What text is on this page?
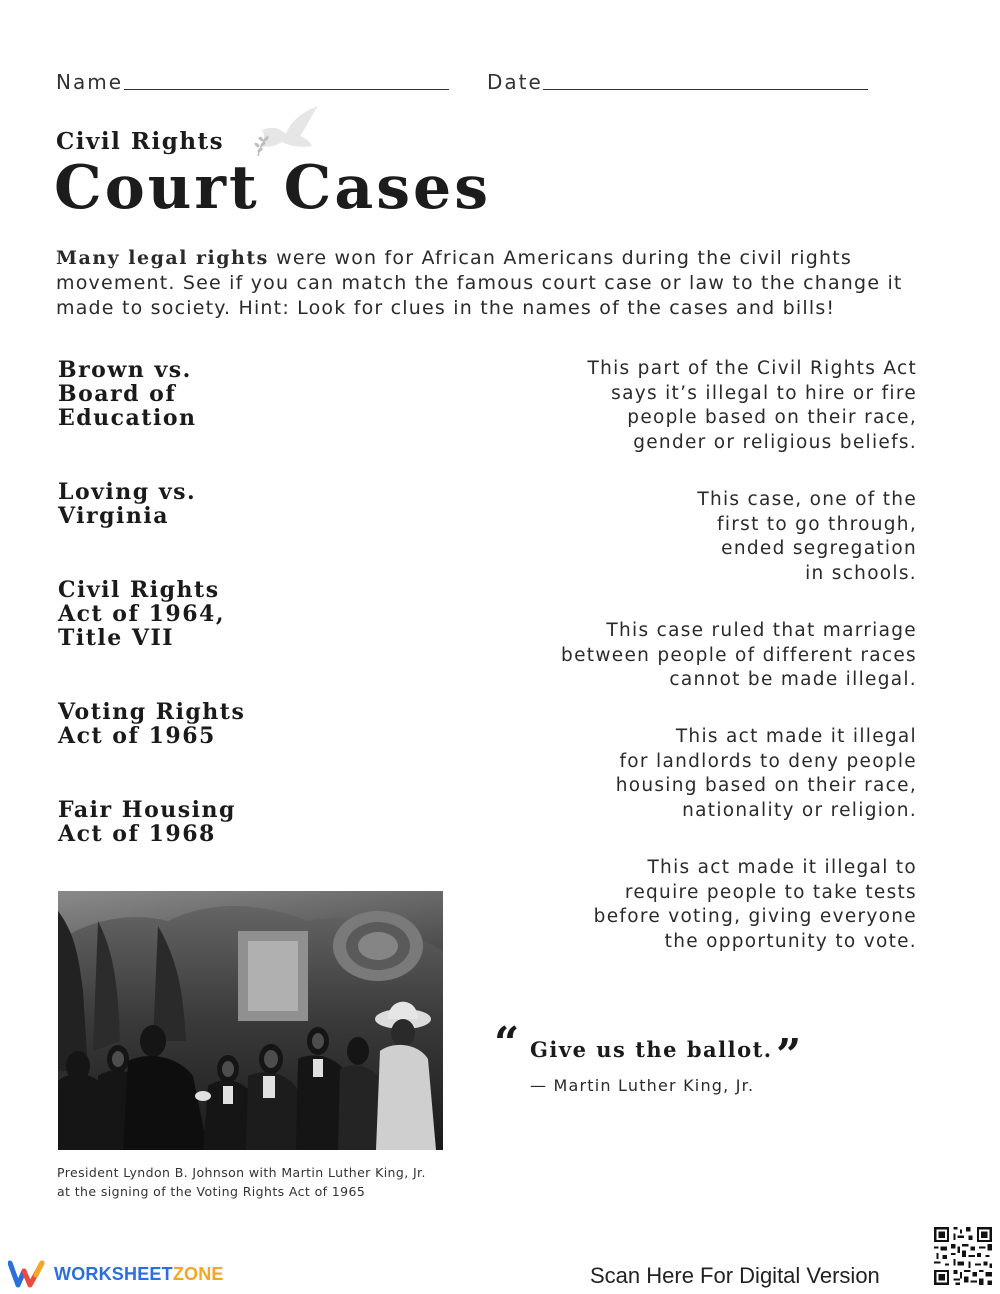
Name	Date
Civil Rights
Court Cases
Many legal rights were won for African Americans during the civil rights movement. See if you can match the famous court case or law to the change it made to society. Hint: Look for clues in the names of the cases and bills!
Brown vs.
Board of
Education
Loving vs.
Virginia
Civil Rights
Act of 1964,
Title VII
Voting Rights
Act of 1965
Fair Housing
Act of 1968
This part of the Civil Rights Act
says it’s illegal to hire or fire
people based on their race,
gender or religious beliefs.
This case, one of the
first to go through,
ended segregation
in schools.
This case ruled that marriage
between people of different races
cannot be made illegal.
This act made it illegal
for landlords to deny people
housing based on their race,
nationality or religion.
This act made it illegal to
require people to take tests
before voting, giving everyone
the opportunity to vote.
President Lyndon B. Johnson with Martin Luther King, Jr.
at the signing of the Voting Rights Act of 1965
“ Give us the ballot. ”
— Martin Luther King, Jr.
WORKSHEET ZONE	Scan Here For Digital Version
